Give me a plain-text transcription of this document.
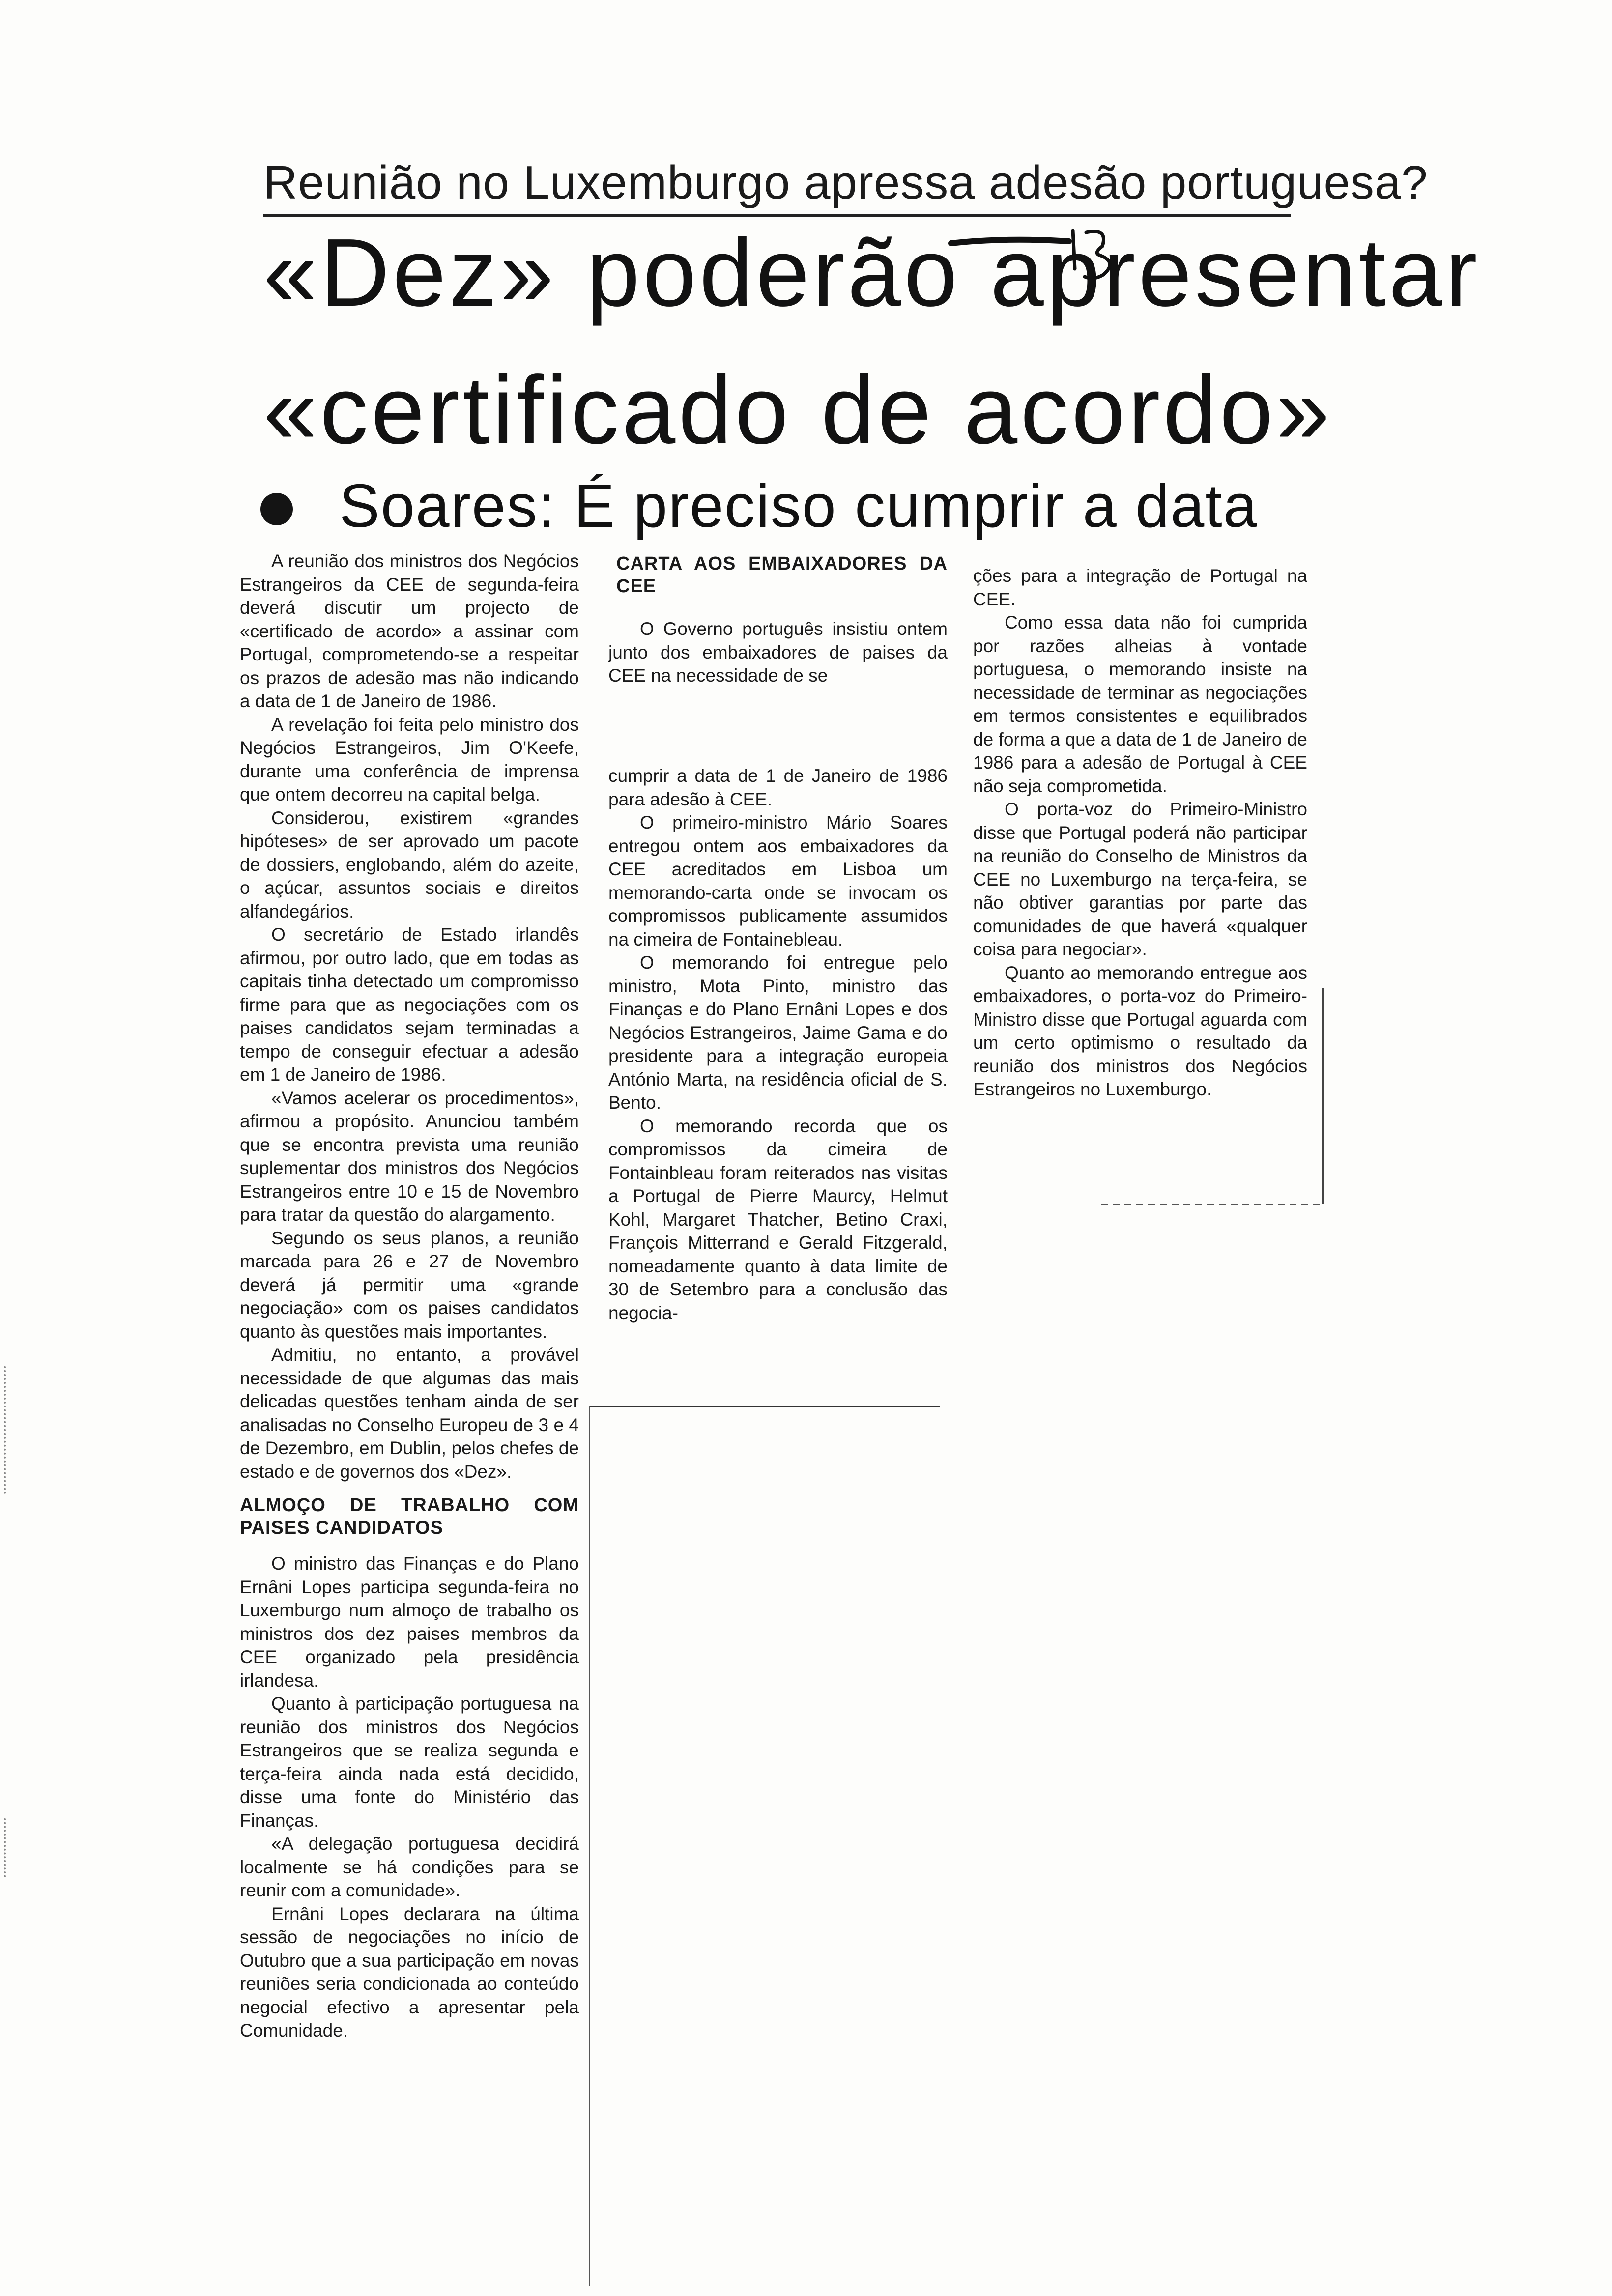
Reunião no Luxemburgo apressa adesão portuguesa?
«Dez» poderão apresentar
«certificado de acordo»
Soares: É preciso cumprir a data

A reunião dos ministros dos Negócios Estrangeiros da CEE de segunda-feira deverá discutir um projecto de «certificado de acordo» a assinar com Portugal, comprometendo-se a respeitar os prazos de adesão mas não indicando a data de 1 de Janeiro de 1986.

A revelação foi feita pelo ministro dos Negócios Estrangeiros, Jim O'Keefe, durante uma conferência de imprensa que ontem decorreu na capital belga.

Considerou, existirem «grandes hipóteses» de ser aprovado um pacote de dossiers, englobando, além do azeite, o açúcar, assuntos sociais e direitos alfandegários.

O secretário de Estado irlandês afirmou, por outro lado, que em todas as capitais tinha detectado um compromisso firme para que as negociações com os paises candidatos sejam terminadas a tempo de conseguir efectuar a adesão em 1 de Janeiro de 1986.

«Vamos acelerar os procedimentos», afirmou a propósito. Anunciou também que se encontra prevista uma reunião suplementar dos ministros dos Negócios Estrangeiros entre 10 e 15 de Novembro para tratar da questão do alargamento.

Segundo os seus planos, a reunião marcada para 26 e 27 de Novembro deverá já permitir uma «grande negociação» com os paises candidatos quanto às questões mais importantes.

Admitiu, no entanto, a provável necessidade de que algumas das mais delicadas questões tenham ainda de ser analisadas no Conselho Europeu de 3 e 4 de Dezembro, em Dublin, pelos chefes de estado e de governos dos «Dez».

ALMOÇO DE TRABALHO COM PAISES CANDIDATOS

O ministro das Finanças e do Plano Ernâni Lopes participa segunda-feira no Luxemburgo num almoço de trabalho os ministros dos dez paises membros da CEE organizado pela presidência irlandesa.

Quanto à participação portuguesa na reunião dos ministros dos Negócios Estrangeiros que se realiza segunda e terça-feira ainda nada está decidido, disse uma fonte do Ministério das Finanças.

«A delegação portuguesa decidirá localmente se há condições para se reunir com a comunidade».

Ernâni Lopes declarara na última sessão de negociações no início de Outubro que a sua participação em novas reuniões seria condicionada ao conteúdo negocial efectivo a apresentar pela Comunidade.

CARTA AOS EMBAIXADORES DA CEE

O Governo português insistiu ontem junto dos embaixadores de paises da CEE na necessidade de se

cumprir a data de 1 de Janeiro de 1986 para adesão à CEE.

O primeiro-ministro Mário Soares entregou ontem aos embaixadores da CEE acreditados em Lisboa um memorando-carta onde se invocam os compromissos publicamente assumidos na cimeira de Fontainebleau.

O memorando foi entregue pelo ministro, Mota Pinto, ministro das Finanças e do Plano Ernâni Lopes e dos Negócios Estrangeiros, Jaime Gama e do presidente para a integração europeia António Marta, na residência oficial de S. Bento.

O memorando recorda que os compromissos da cimeira de Fontainbleau foram reiterados nas visitas a Portugal de Pierre Maurcy, Helmut Kohl, Margaret Thatcher, Betino Craxi, François Mitterrand e Gerald Fitzgerald, nomeadamente quanto à data limite de 30 de Setembro para a conclusão das negocia-

ções para a integração de Portugal na CEE.

Como essa data não foi cumprida por razões alheias à vontade portuguesa, o memorando insiste na necessidade de terminar as negociações em termos consistentes e equilibrados de forma a que a data de 1 de Janeiro de 1986 para a adesão de Portugal à CEE não seja comprometida.

O porta-voz do Primeiro-Ministro disse que Portugal poderá não participar na reunião do Conselho de Ministros da CEE no Luxemburgo na terça-feira, se não obtiver garantias por parte das comunidades de que haverá «qualquer coisa para negociar».

Quanto ao memorando entregue aos embaixadores, o porta-voz do Primeiro-Ministro disse que Portugal aguarda com um certo optimismo o resultado da reunião dos ministros dos Negócios Estrangeiros no Luxemburgo.
